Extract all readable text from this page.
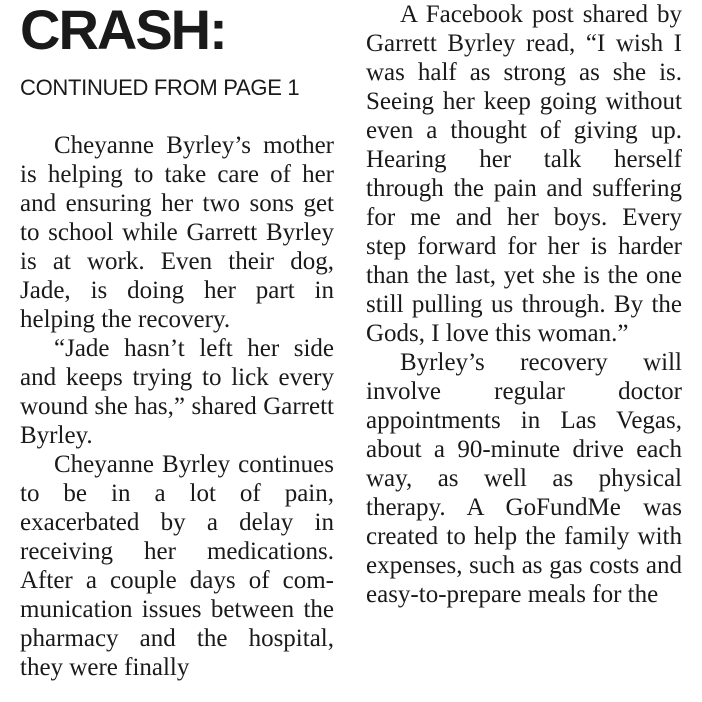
CRASH:
CONTINUED FROM PAGE 1

Cheyanne Byrley’s mother is helping to take care of her and ensuring her two sons get to school while Garrett Byrley is at work. Even their dog, Jade, is doing her part in helping the recovery.

“Jade hasn’t left her side and keeps trying to lick every wound she has,” shared Garrett Byrley.

Cheyanne Byrley continues to be in a lot of pain, exacerbated by a delay in receiving her medications. After a couple days of communication issues between the pharmacy and the hospital, they were finally

A Facebook post shared by Garrett Byrley read, “I wish I was half as strong as she is. Seeing her keep going without even a thought of giving up. Hearing her talk herself through the pain and suffering for me and her boys. Every step forward for her is harder than the last, yet she is the one still pulling us through. By the Gods, I love this woman.”

Byrley’s recovery will involve regular doctor appointments in Las Vegas, about a 90-minute drive each way, as well as physical therapy. A GoFundMe was created to help the family with expenses, such as gas costs and easy-to-prepare meals for the
